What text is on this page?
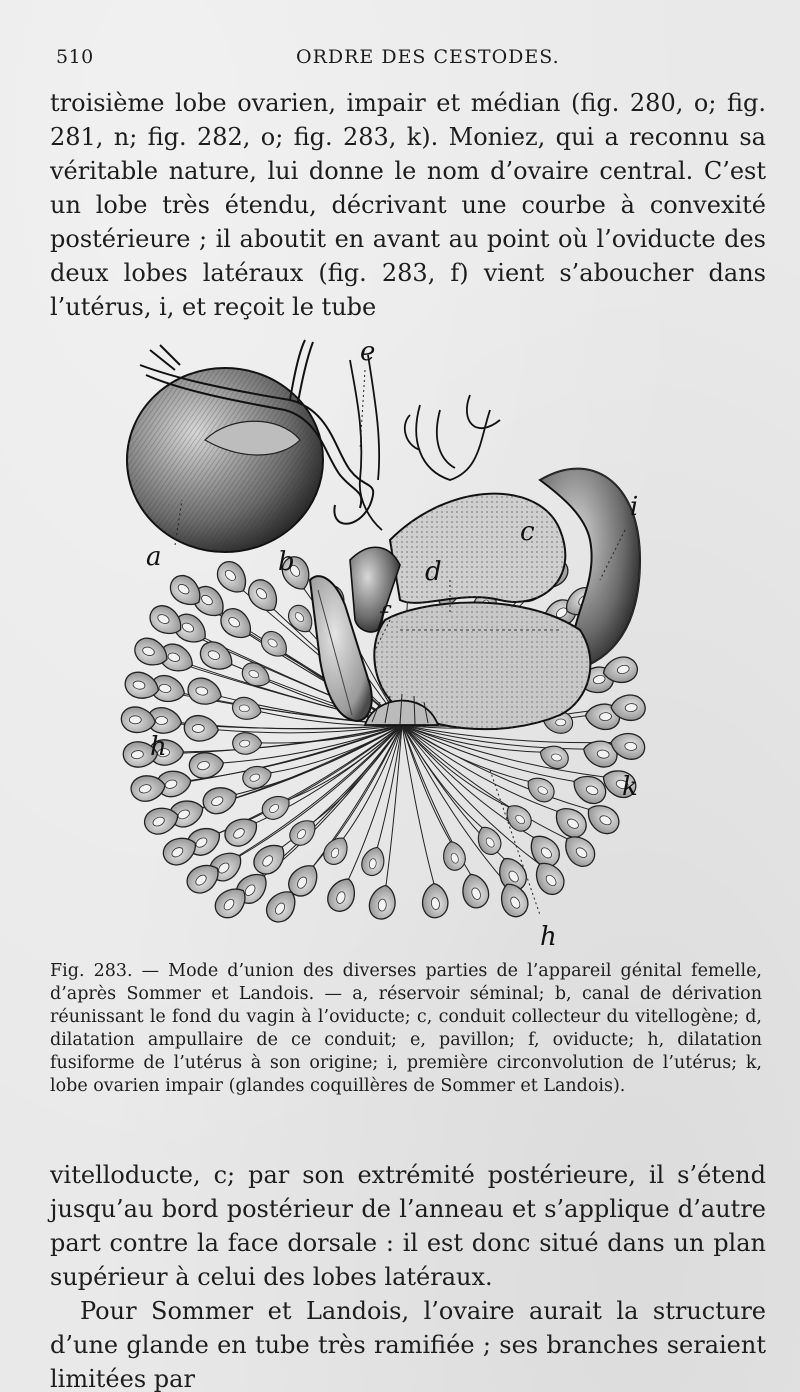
510	ORDRE DES CESTODES.

troisième lobe ovarien, impair et médian (fig. 280, o; fig. 281, n; fig. 282, o; fig. 283, k). Moniez, qui a reconnu sa véritable nature, lui donne le nom d’ovaire central. C’est un lobe très étendu, décrivant une courbe à convexité postérieure ; il aboutit en avant au point où l’oviducte des deux lobes latéraux (fig. 283, f) vient s’aboucher dans l’utérus, i, et reçoit le tube

a	b
c
d
e
f
h
h
i
k

Fig. 283. — Mode d’union des diverses parties de l’appareil génital femelle, d’après Sommer et Landois. — a, réservoir séminal; b, canal de dérivation réunissant le fond du vagin à l’oviducte; c, conduit collecteur du vitellogène; d, dilatation ampullaire de ce conduit; e, pavillon; f, oviducte; h, dilatation fusiforme de l’utérus à son origine; i, première circonvolution de l’utérus; k, lobe ovarien impair (glandes coquillères de Sommer et Landois).

vitelloducte, c; par son extrémité postérieure, il s’étend jusqu’au bord postérieur de l’anneau et s’applique d’autre part contre la face dorsale : il est donc situé dans un plan supérieur à celui des lobes latéraux.

Pour Sommer et Landois, l’ovaire aurait la structure d’une glande en tube très ramifiée ; ses branches seraient limitées par
